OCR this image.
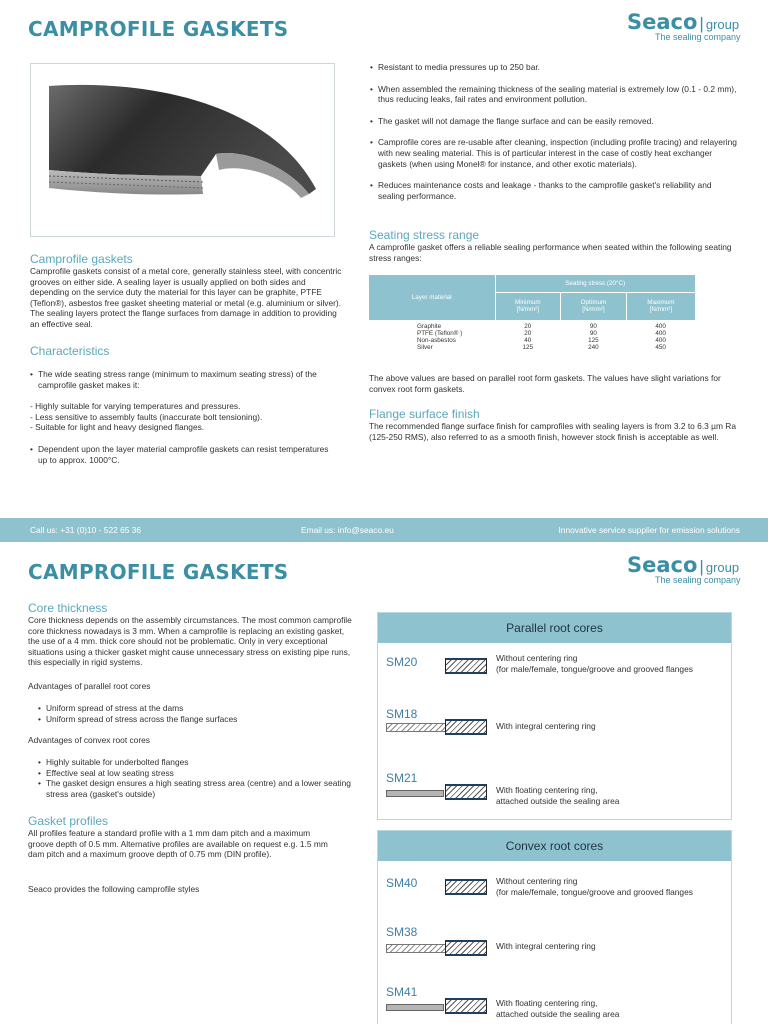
CAMPROFILE GASKETS	Seaco | group
The sealing company
Camprofile gaskets
Camprofile gaskets consist of a metal core, generally stainless steel, with concentric grooves on either side. A sealing layer is usually applied on both sides and depending on the service duty the material for this layer can be graphite, PTFE (Teflon®), asbestos free gasket sheeting material or metal (e.g. aluminium or silver). The sealing layers protect the flange surfaces from damage in addition to providing an effective seal.
Characteristics
• The wide seating stress range (minimum to maximum seating stress) of the camprofile gasket makes it:
- Highly suitable for varying temperatures and pressures.
- Less sensitive to assembly faults (inaccurate bolt tensioning).
- Suitable for light and heavy designed flanges.
• Dependent upon the layer material camprofile gaskets can resist temperatures up to approx. 1000°C.
• Resistant to media pressures up to 250 bar.
• When assembled the remaining thickness of the sealing material is extremely low (0.1 - 0.2 mm), thus reducing leaks, fail rates and environment pollution.
• The gasket will not damage the flange surface and can be easily removed.
• Camprofile cores are re-usable after cleaning, inspection (including profile tracing) and relayering with new sealing material. This is of particular interest in the case of costly heat exchanger gaskets (when using Monel® for instance, and other exotic materials).
• Reduces maintenance costs and leakage - thanks to the camprofile gasket's reliability and sealing performance.
Seating stress range
A camprofile gasket offers a reliable sealing performance when seated within the following seating stress ranges:
Layer material	Seating stress (20°C)		
	Minimum
[N/mm²]	Optimum
[N/mm²]	Maximum
[N/mm²]

Graphite	20	90	400
PTFE (Teflon® )	20	90	400
Non-asbestos	40	125	400
Silver	125	240	450
The above values are based on parallel root form gaskets. The values have slight variations for convex root form gaskets.
Flange surface finish
The recommended flange surface finish for camprofiles with sealing layers is from 3.2 to 6.3 µm Ra (125-250 RMS), also referred to as a smooth finish, however stock finish is acceptable as well.
Call us: +31 (0)10 - 522 65 36	Email us: info@seaco.eu	Innovative service supplier for emission solutions
CAMPROFILE GASKETS	Seaco | group
The sealing company
Core thickness
Core thickness depends on the assembly circumstances. The most common camprofile core thickness nowadays is 3 mm. When a camprofile is replacing an existing gasket, the use of a 4 mm. thick core should not be problematic. Only in very exceptional situations using a thicker gasket might cause unnecessary stress on existing pipe runs, this especially in rigid systems.
Advantages of parallel root cores
• Uniform spread of stress at the dams
• Uniform spread of stress across the flange surfaces
Advantages of convex root cores
• Highly suitable for underbolted flanges
• Effective seal at low seating stress
• The gasket design ensures a high seating stress area (centre) and a lower seating stress area (gasket's outside)
Gasket profiles
All profiles feature a standard profile with a 1 mm dam pitch and a maximum groove depth of 0.5 mm. Alternative profiles are available on request e.g. 1.5 mm dam pitch and a maximum groove depth of 0.75 mm (DIN profile).
Seaco provides the following camprofile styles
Parallel root cores
SM20	Without centering ring
(for male/female, tongue/groove and grooved flanges
SM18
With integral centering ring
SM21
With floating centering ring,
attached outside the sealing area
Convex root cores
SM40	Without centering ring
(for male/female, tongue/groove and grooved flanges
SM38
With integral centering ring
SM41
With floating centering ring,
attached outside the sealing area
